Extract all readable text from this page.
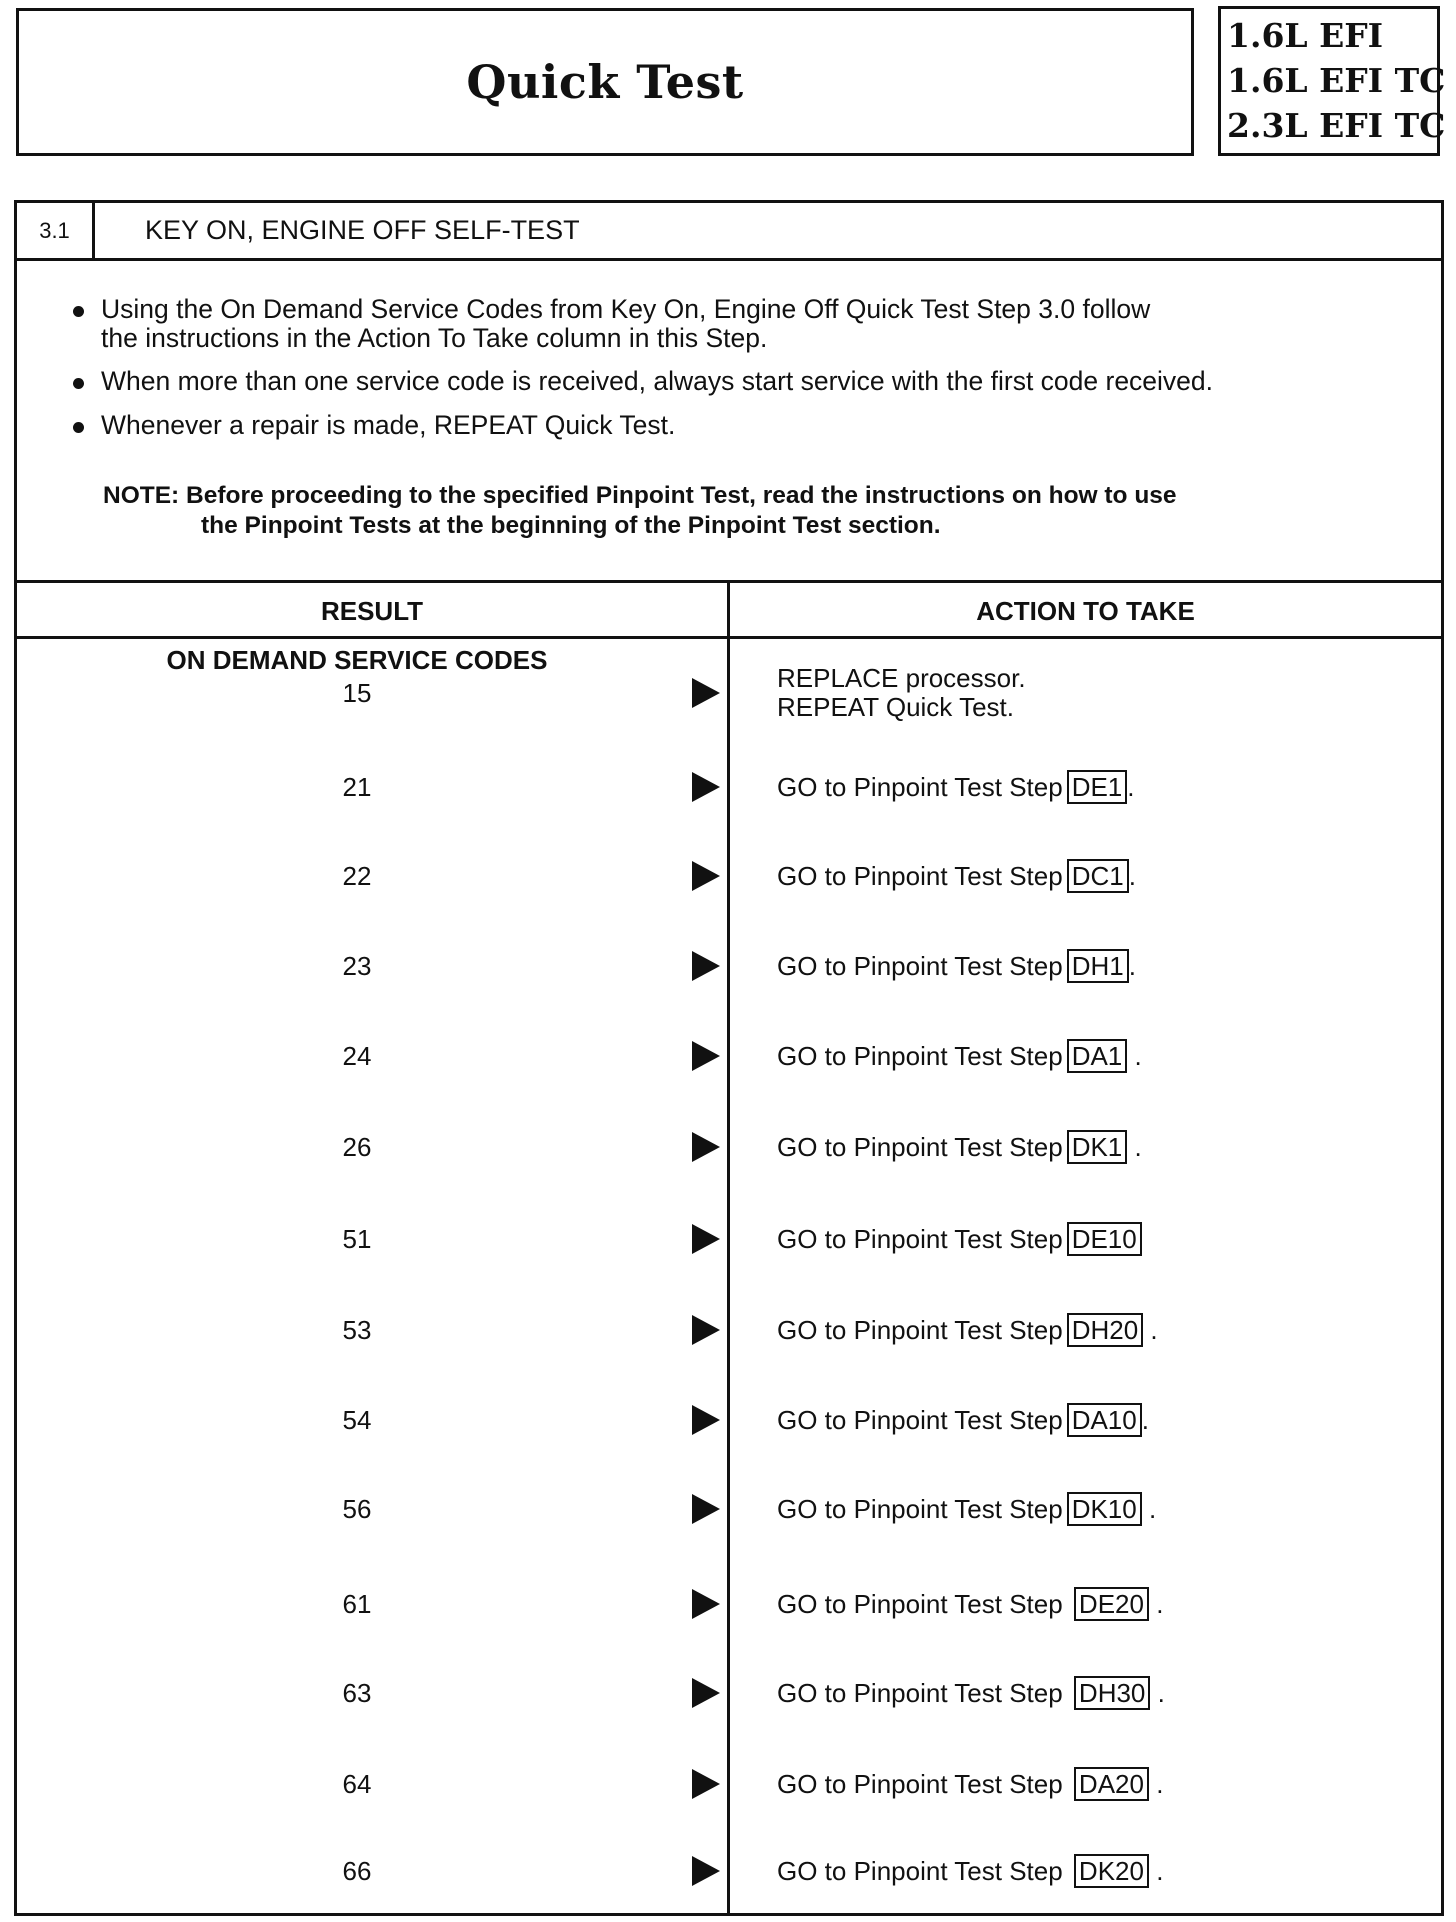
Quick Test
1.6L EFI
1.6L EFI TC
2.3L EFI TC
3.1	KEY ON, ENGINE OFF SELF-TEST
Using the On Demand Service Codes from Key On, Engine Off Quick Test Step 3.0 follow
the instructions in the Action To Take column in this Step.
When more than one service code is received, always start service with the first code received.
Whenever a repair is made, REPEAT Quick Test.
NOTE: Before proceeding to the specified Pinpoint Test, read the instructions on how to use
the Pinpoint Tests at the beginning of the Pinpoint Test section.
RESULT	ACTION TO TAKE
ON DEMAND SERVICE CODES
15	REPLACE processor.
REPEAT Quick Test.
21	GO to Pinpoint Test Step DE1 .
22	GO to Pinpoint Test Step DC1 .
23	GO to Pinpoint Test Step DH1 .
24	GO to Pinpoint Test Step DA1 .
26	GO to Pinpoint Test Step DK1 .
51	GO to Pinpoint Test Step DE10
53	GO to Pinpoint Test Step DH20 .
54	GO to Pinpoint Test Step DA10 .
56	GO to Pinpoint Test Step DK10 .
61	GO to Pinpoint Test Step DE20 .
63	GO to Pinpoint Test Step DH30 .
64	GO to Pinpoint Test Step DA20 .
66	GO to Pinpoint Test Step DK20 .
